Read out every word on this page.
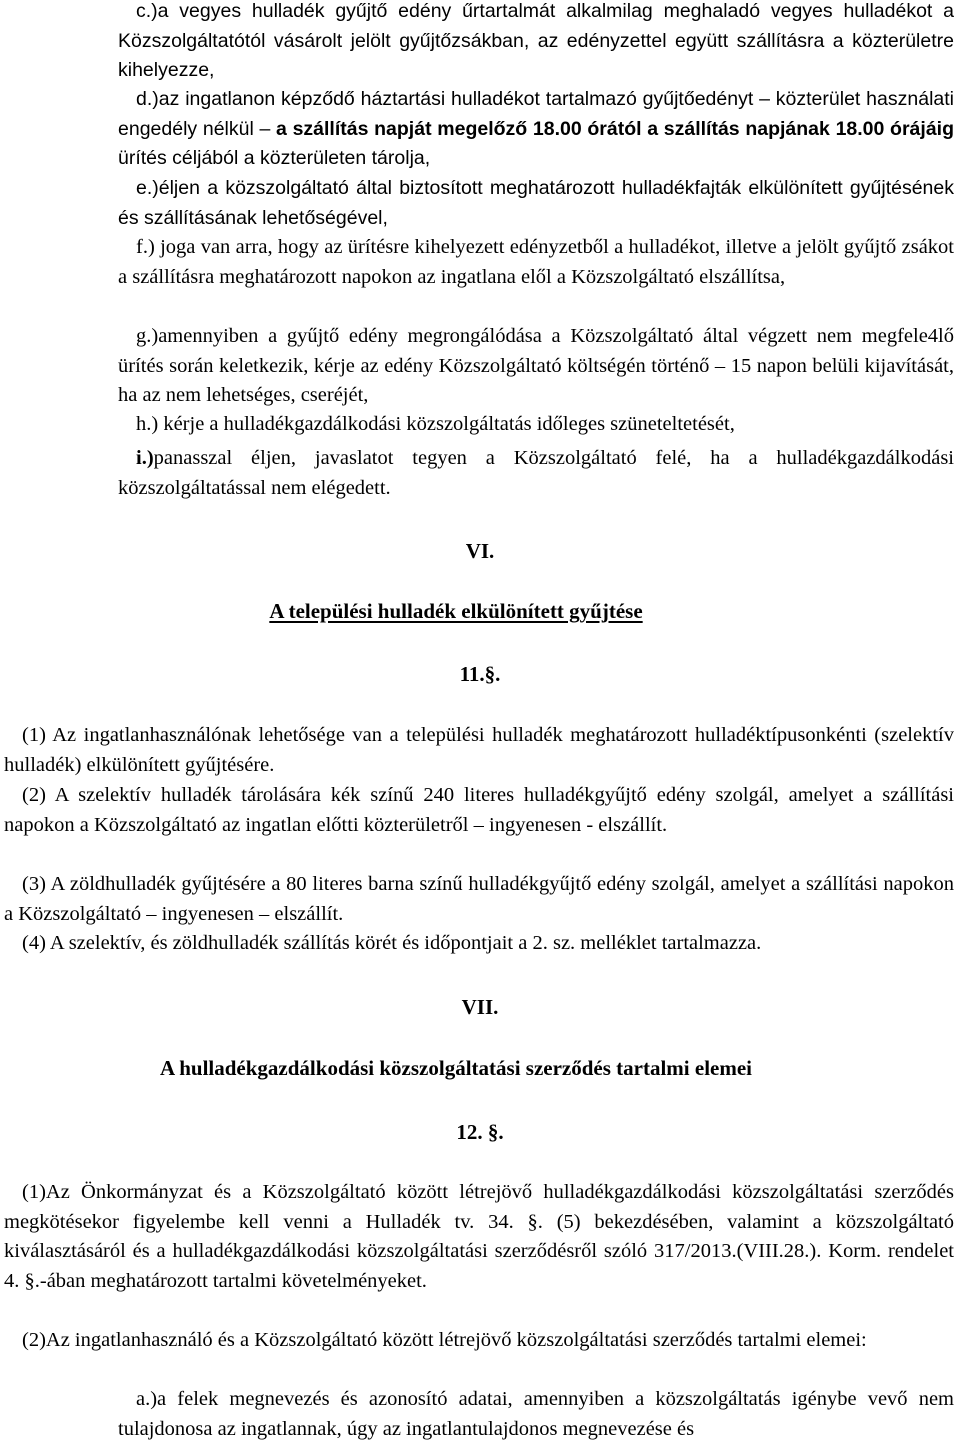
c.)a vegyes hulladék gyűjtő edény űrtartalmát alkalmilag meghaladó vegyes hulladékot a Közszolgáltatótól vásárolt jelölt gyűjtőzsákban, az edényzettel együtt szállításra a közterületre kihelyezze,

d.)az ingatlanon képződő háztartási hulladékot tartalmazó gyűjtőedényt – közterület használati engedély nélkül – a szállítás napját megelőző 18.00 órától a szállítás napjának 18.00 órájáig ürítés céljából a közterületen tárolja,

e.)éljen a közszolgáltató által biztosított meghatározott hulladékfajták elkülönített gyűjtésének és szállításának lehetőségével,

f.) joga van arra, hogy az ürítésre kihelyezett edényzetből a hulladékot, illetve a jelölt gyűjtő zsákot a szállításra meghatározott napokon az ingatlana elől a Közszolgáltató elszállítsa,

g.)amennyiben a gyűjtő edény megrongálódása a Közszolgáltató által végzett nem megfele4lő ürítés során keletkezik, kérje az edény Közszolgáltató költségén történő – 15 napon belüli kijavítását, ha az nem lehetséges, cseréjét,

h.) kérje a hulladékgazdálkodási közszolgáltatás időleges szüneteltetését,

i.)panasszal éljen, javaslatot tegyen a Közszolgáltató felé, ha a hulladékgazdálkodási közszolgáltatással nem elégedett.

VI.
A települési hulladék elkülönített gyűjtése
11.§.

(1) Az ingatlanhasználónak lehetősége van a települési hulladék meghatározott hulladéktípusonkénti (szelektív hulladék) elkülönített gyűjtésére.

(2) A szelektív hulladék tárolására kék színű 240 literes hulladékgyűjtő edény szolgál, amelyet a szállítási napokon a Közszolgáltató az ingatlan előtti közterületről – ingyenesen - elszállít.

(3) A zöldhulladék gyűjtésére a 80 literes barna színű hulladékgyűjtő edény szolgál, amelyet a szállítási napokon a Közszolgáltató – ingyenesen – elszállít.

(4) A szelektív, és zöldhulladék szállítás körét és időpontjait a 2. sz. melléklet tartalmazza.

VII.
A hulladékgazdálkodási közszolgáltatási szerződés tartalmi elemei
12. §.

(1)Az Önkormányzat és a Közszolgáltató között létrejövő hulladékgazdálkodási közszolgáltatási szerződés megkötésekor figyelembe kell venni a Hulladék tv. 34. §. (5) bekezdésében, valamint a közszolgáltató kiválasztásáról és a hulladékgazdálkodási közszolgáltatási szerződésről szóló 317/2013.(VIII.28.). Korm. rendelet 4. §.-ában meghatározott tartalmi követelményeket.

(2)Az ingatlanhasználó és a Közszolgáltató között létrejövő közszolgáltatási szerződés tartalmi elemei:

a.)a felek megnevezés és azonosító adatai, amennyiben a közszolgáltatás igénybe vevő nem tulajdonosa az ingatlannak, úgy az ingatlantulajdonos megnevezése és
